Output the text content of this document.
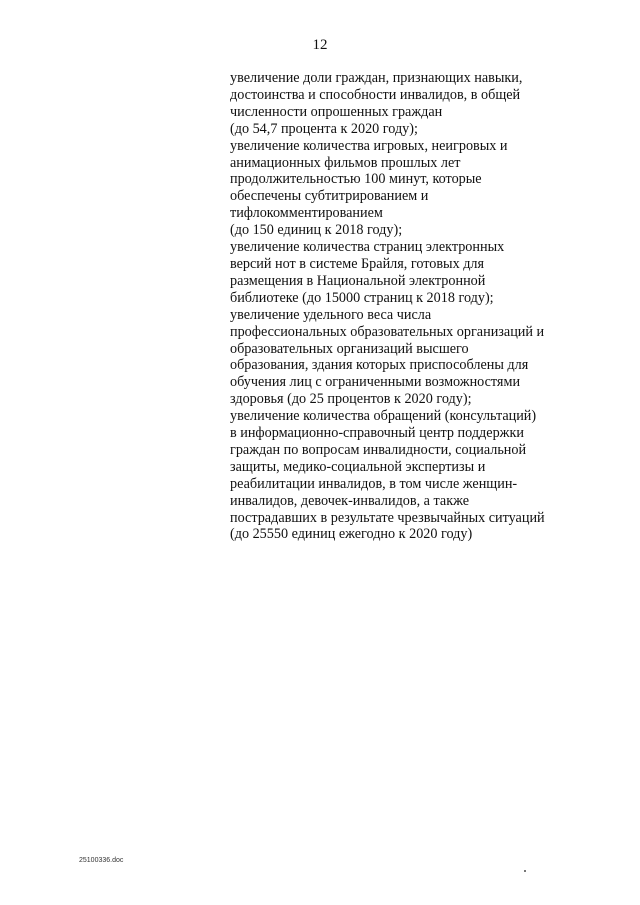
12
увеличение доли граждан, признающих навыки,
достоинства и способности инвалидов, в общей
численности опрошенных граждан
(до 54,7 процента к 2020 году);
увеличение количества игровых, неигровых и
анимационных фильмов прошлых лет
продолжительностью 100 минут, которые
обеспечены субтитрированием и
тифлокомментированием
(до 150 единиц к 2018 году);
увеличение количества страниц электронных
версий нот в системе Брайля, готовых для
размещения в Национальной электронной
библиотеке (до 15000 страниц к 2018 году);
увеличение удельного веса числа
профессиональных образовательных организаций и
образовательных организаций высшего
образования, здания которых приспособлены для
обучения лиц с ограниченными возможностями
здоровья (до 25 процентов к 2020 году);
увеличение количества обращений (консультаций)
в информационно-справочный центр поддержки
граждан по вопросам инвалидности, социальной
защиты, медико-социальной экспертизы и
реабилитации инвалидов, в том числе женщин-
инвалидов, девочек-инвалидов, а также
пострадавших в результате чрезвычайных ситуаций
(до 25550 единиц ежегодно к 2020 году)
25100336.doc
